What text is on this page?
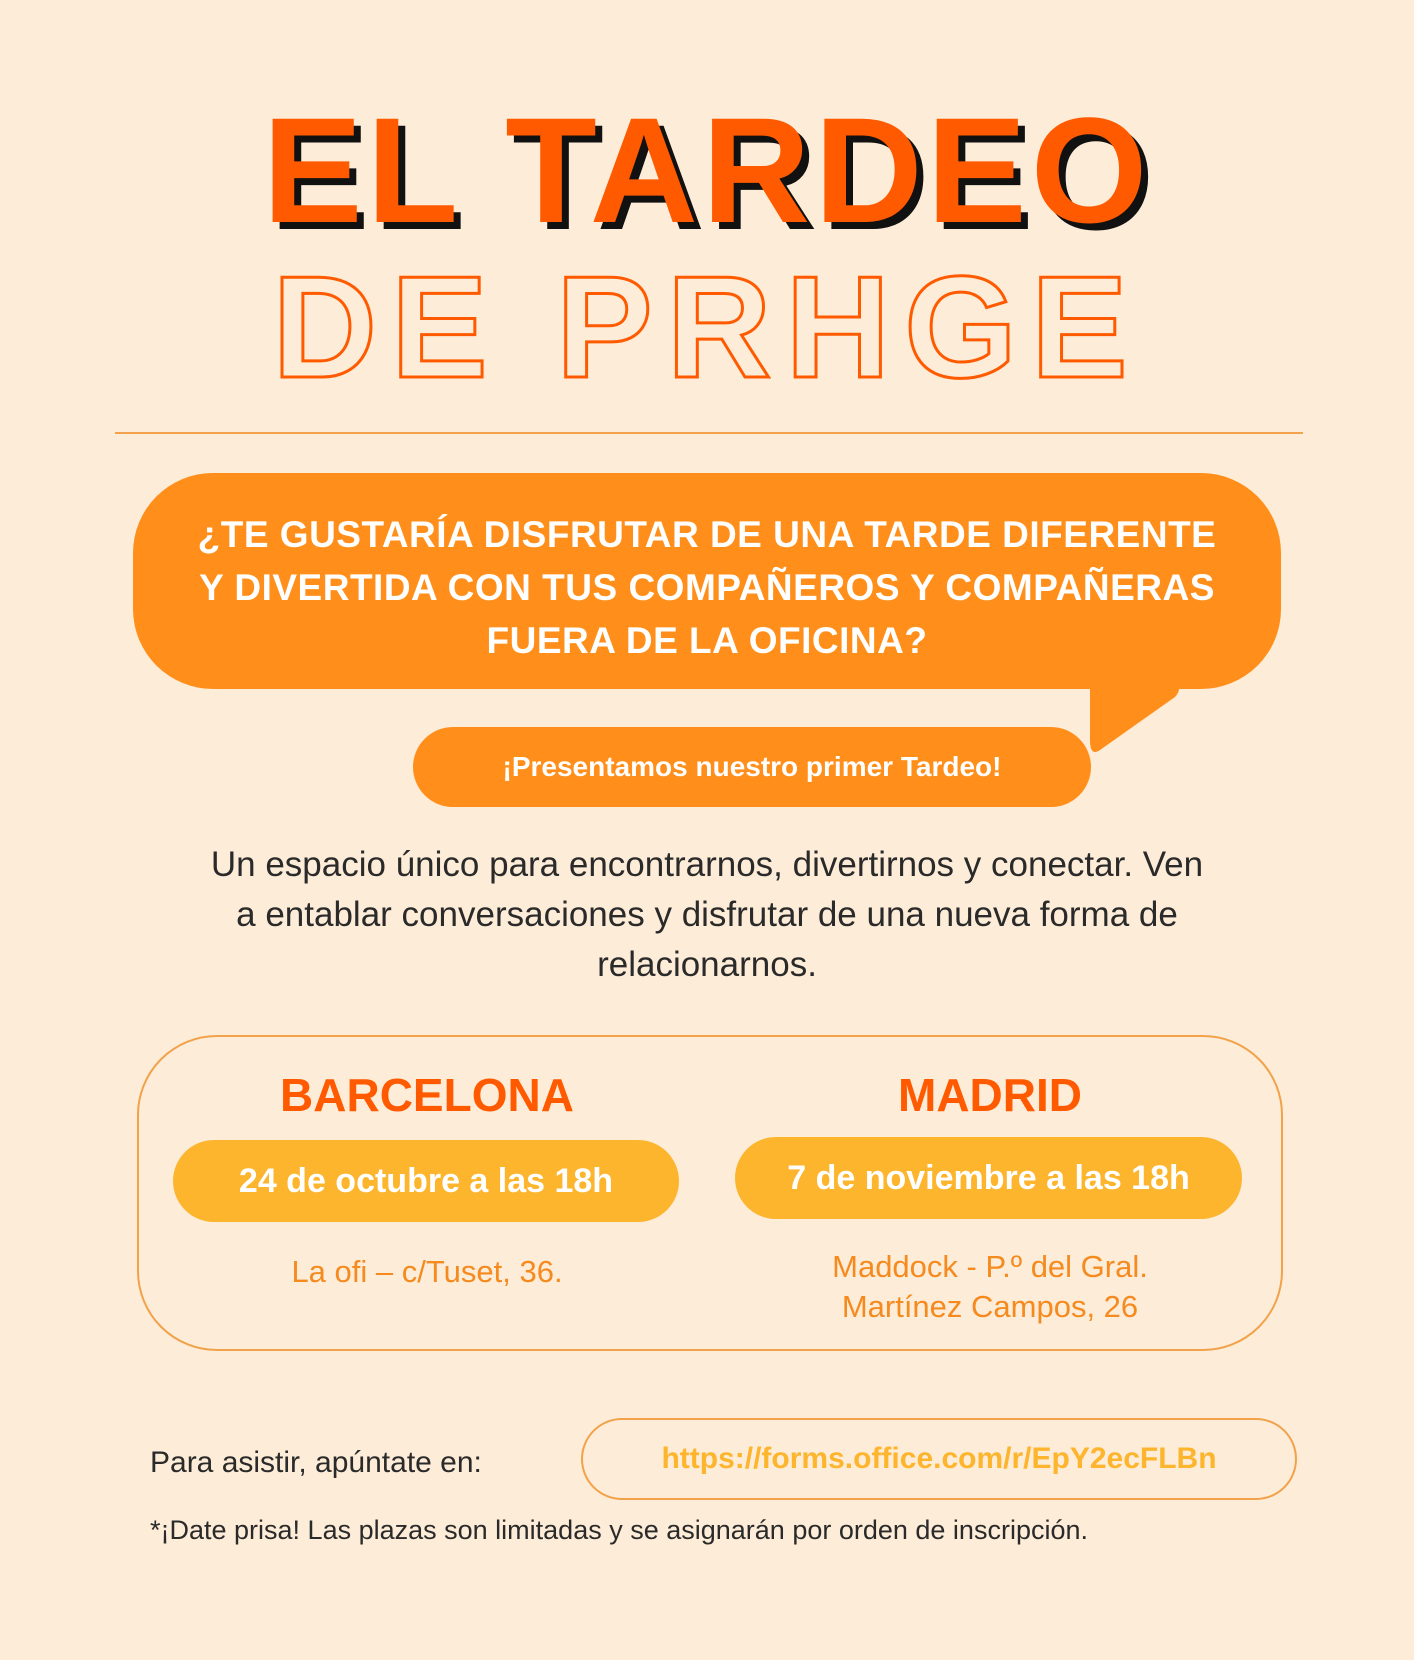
EL TARDEO
DE PRHGE
¿TE GUSTARÍA DISFRUTAR DE UNA TARDE DIFERENTE
Y DIVERTIDA CON TUS COMPAÑEROS Y COMPAÑERAS
FUERA DE LA OFICINA?
¡Presentamos nuestro primer Tardeo!
Un espacio único para encontrarnos, divertirnos y conectar. Ven
a entablar conversaciones y disfrutar de una nueva forma de
relacionarnos.
BARCELONA
24 de octubre a las 18h
La ofi – c/Tuset, 36.
MADRID
7 de noviembre a las 18h
Maddock - P.º del Gral.
Martínez Campos, 26
Para asistir, apúntate en:	https://forms.office.com/r/EpY2ecFLBn
*¡Date prisa! Las plazas son limitadas y se asignarán por orden de inscripción.
